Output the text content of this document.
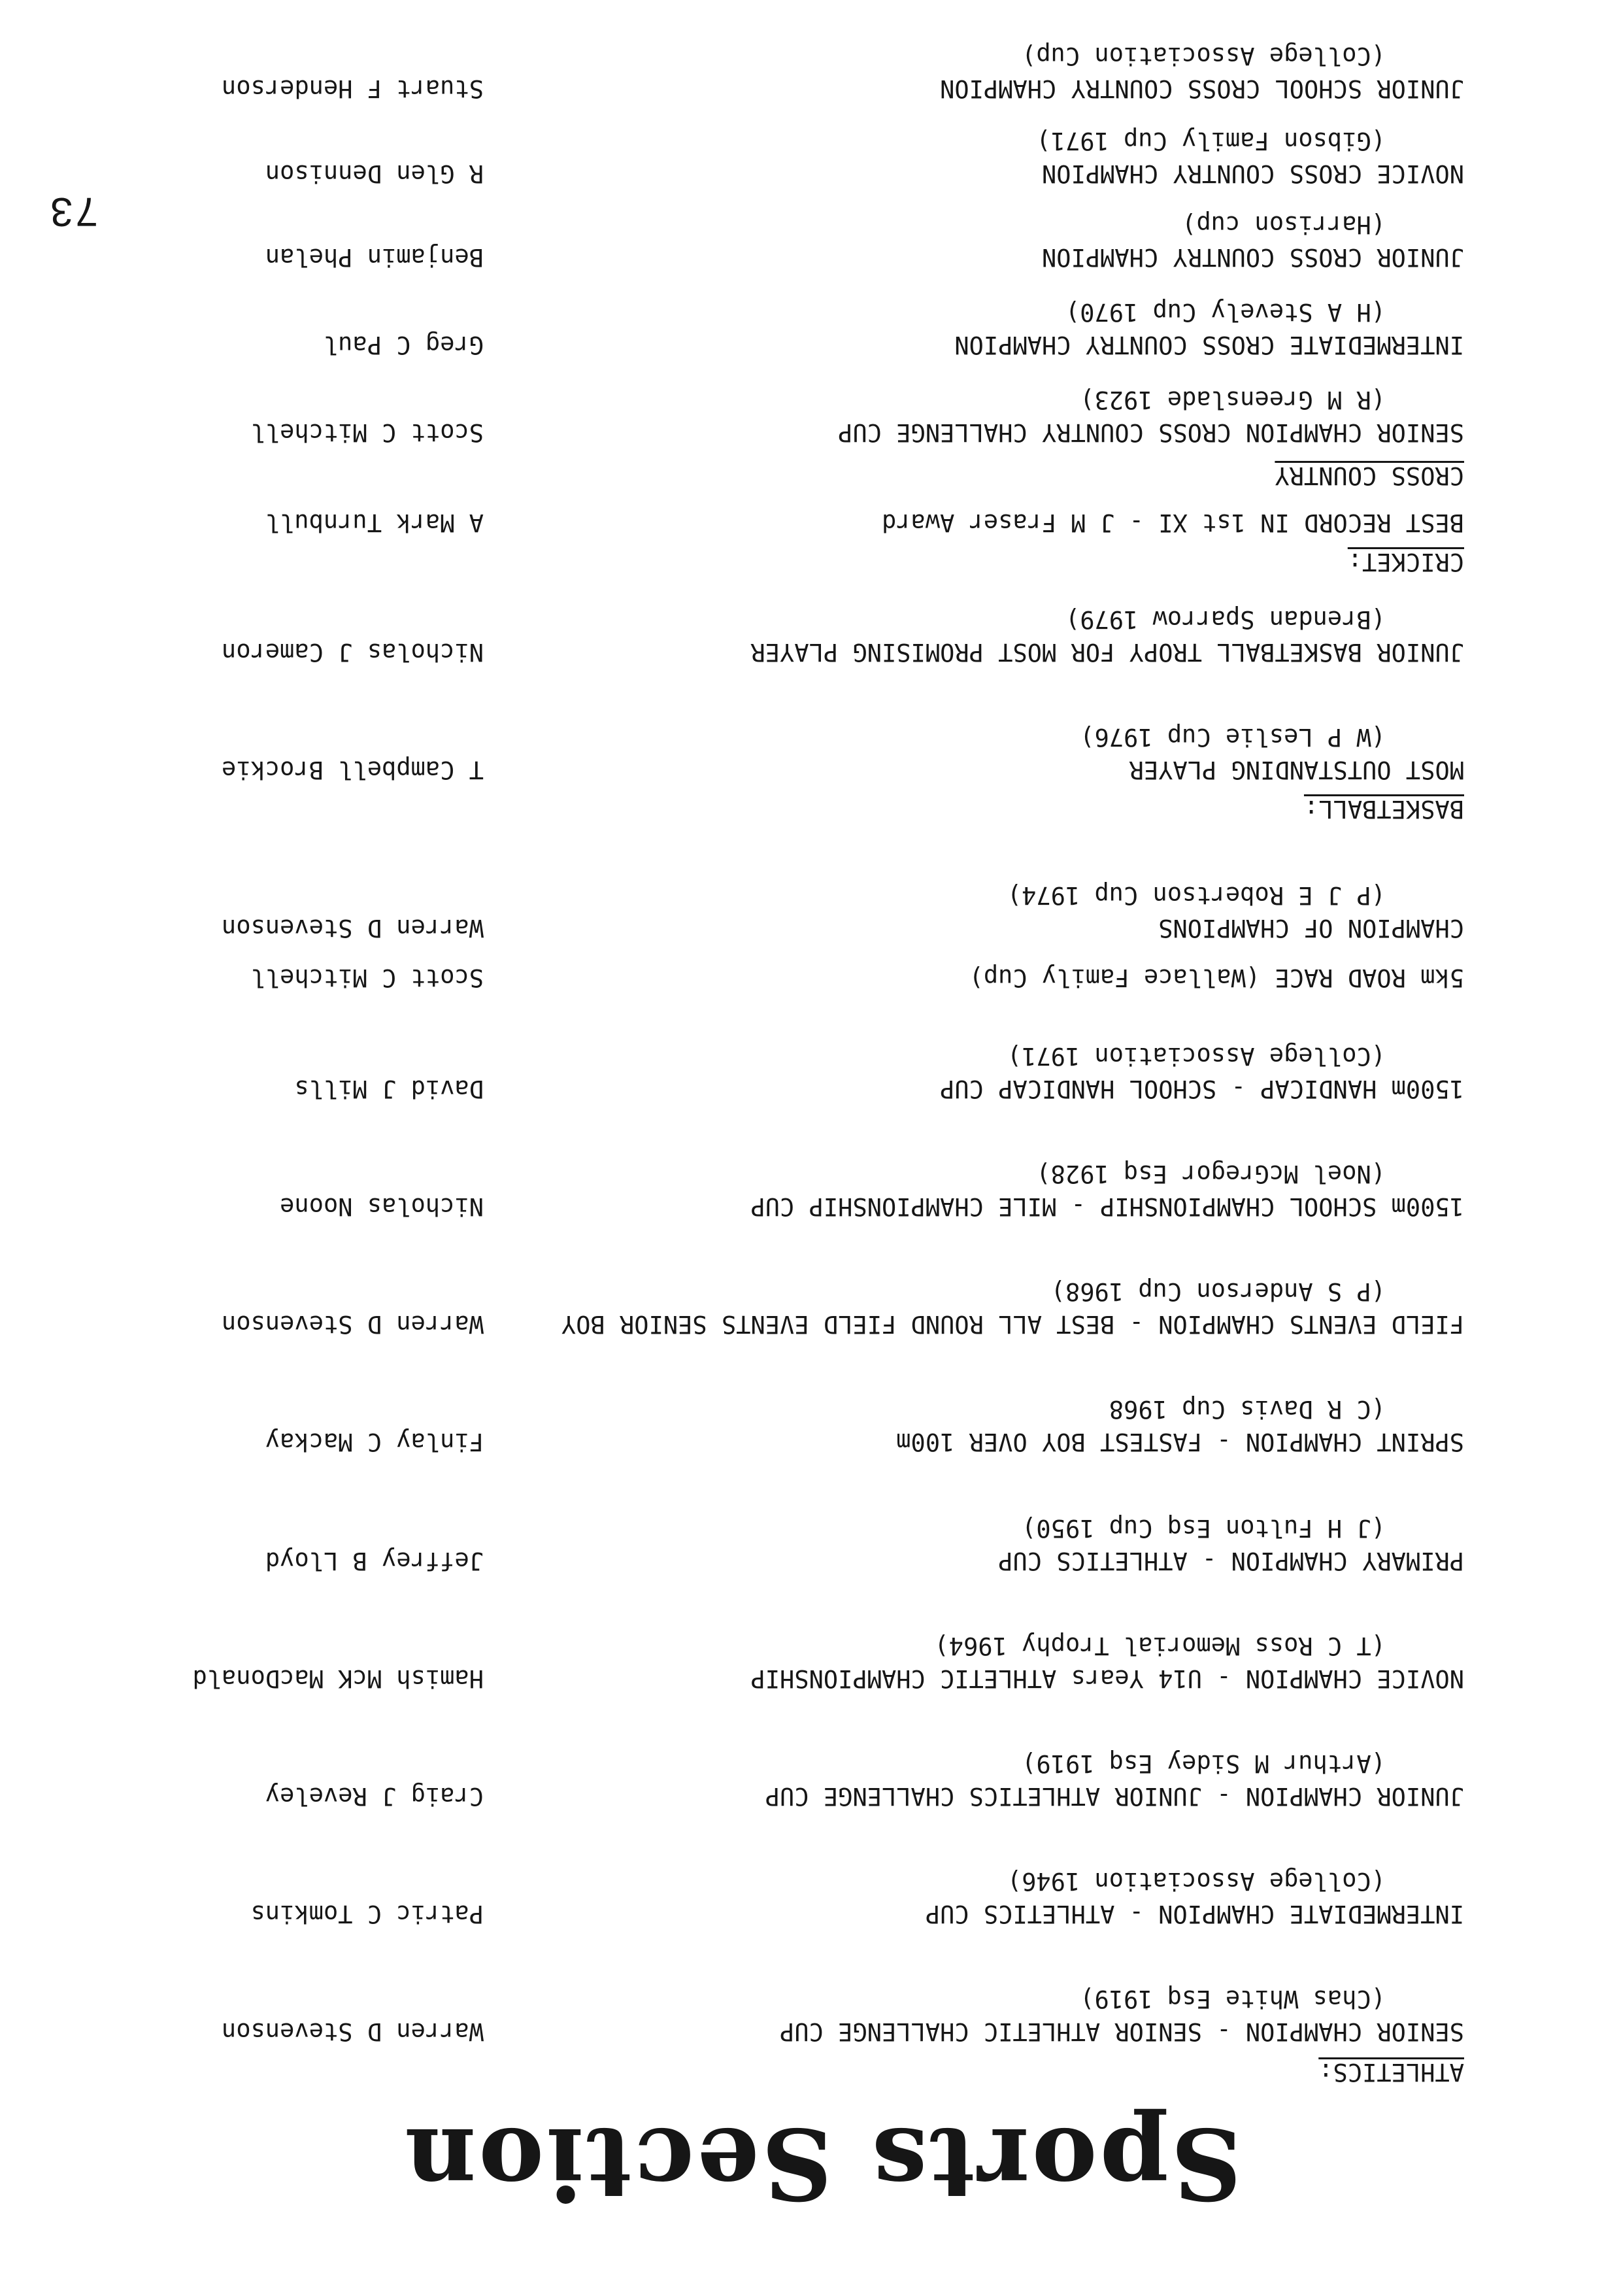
Sports Section
ATHLETICS:
SENIOR CHAMPION - SENIOR ATHLETIC CHALLENGE CUP
(Chas White Esq 1919)
Warren D Stevenson
INTERMEDIATE CHAMPION - ATHLETICS CUP
(College Association 1946)
Patric C Tomkins
JUNIOR CHAMPION - JUNIOR ATHLETICS CHALLENGE CUP
(Arthur M Sidey Esq 1919)
Craig J Reveley
NOVICE CHAMPION - U14 Years ATHLETIC CHAMPIONSHIP
(T C Ross Memorial Trophy 1964)
Hamish McK MacDonald
PRIMARY CHAMPION - ATHLETICS CUP
(J H Fulton Esq Cup 1950)
Jeffrey B Lloyd
SPRINT CHAMPION - FASTEST BOY OVER 100m
(C R Davis Cup 1968
Finlay C Mackay
FIELD EVENTS CHAMPION - BEST ALL ROUND FIELD EVENTS SENIOR BOY
(P S Anderson Cup 1968)
Warren D Stevenson
1500m SCHOOL CHAMPIONSHIP - MILE CHAMPIONSHIP CUP
(Noel McGregor Esq 1928)
Nicholas Noone
1500m HANDICAP - SCHOOL HANDICAP CUP
(College Association 1971)
David J Mills
5km ROAD RACE (Wallace Family Cup)
Scott C Mitchell
CHAMPION OF CHAMPIONS
(P J E Robertson Cup 1974)
Warren D Stevenson
BASKETBALL:
MOST OUTSTANDING PLAYER
(W P Leslie Cup 1976)
T Campbell Brockie
JUNIOR BASKETBALL TROPY FOR MOST PROMISING PLAYER
(Brendan Sparrow 1979)
Nicholas J Cameron
CRICKET:
BEST RECORD IN 1st XI - J M Fraser Award
A Mark Turnbull
CROSS COUNTRY
SENIOR CHAMPION CROSS COUNTRY CHALLENGE CUP
(R M Greenslade 1923)
Scott C Mitchell
INTERMEDIATE CROSS COUNTRY CHAMPION
(H A Stevely Cup 1970)
Greg C Paul
JUNIOR CROSS COUNTRY CHAMPION
(Harrison cup)
Benjamin Phelan
NOVICE CROSS COUNTRY CHAMPION
(Gibson Family Cup 1971)
R Glen Dennison
JUNIOR SCHOOL CROSS COUNTRY CHAMPION
(College Association Cup)
Stuart F Henderson
73
